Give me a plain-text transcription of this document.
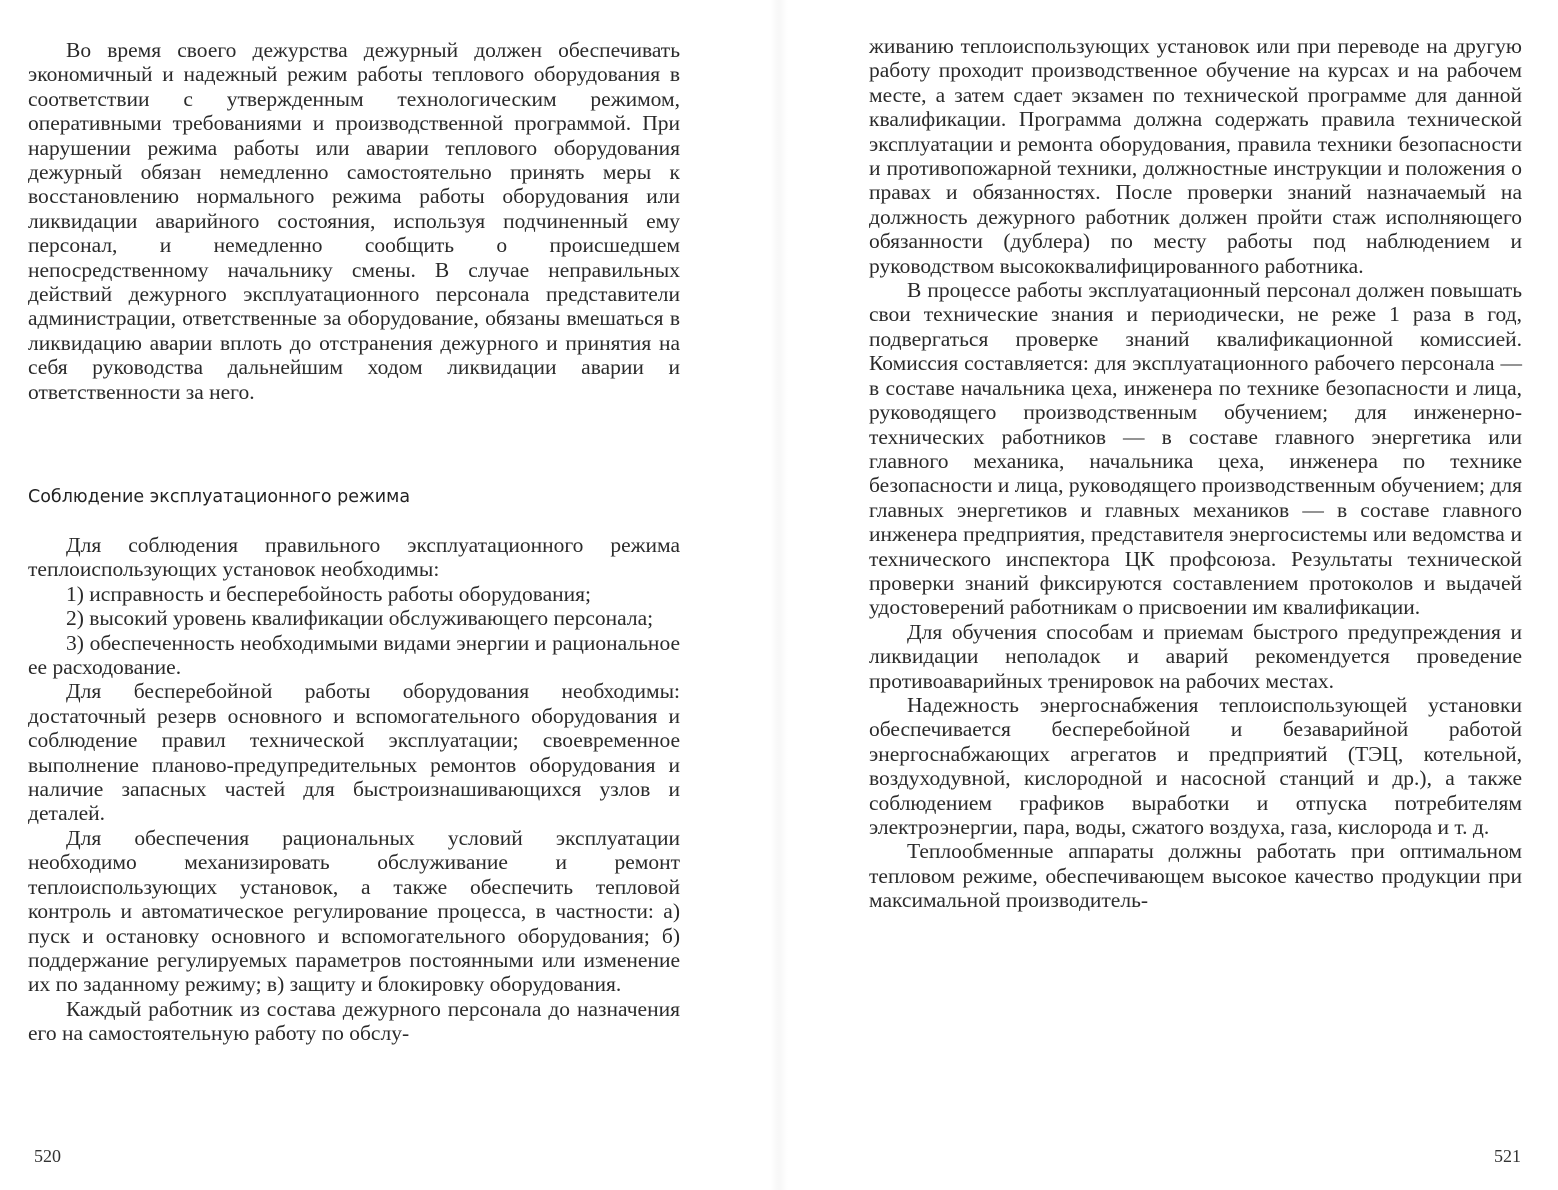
Во время своего дежурства дежурный должен обеспечивать экономичный и надежный режим работы теплового оборудования в соответствии с утвержденным технологическим режимом, оперативными требованиями и производственной программой. При нарушении режима работы или аварии теплового оборудования дежурный обязан немедленно самостоятельно принять меры к восстановлению нормального режима работы оборудования или ликвидации аварийного состояния, используя подчиненный ему персонал, и немедленно сообщить о происшедшем непосредственному начальнику смены. В случае неправильных действий дежурного эксплуатационного персонала представители администрации, ответственные за оборудование, обязаны вмешаться в ликвидацию аварии вплоть до отстранения дежурного и принятия на себя руководства дальнейшим ходом ликвидации аварии и ответственности за него.

Соблюдение эксплуатационного режима

Для соблюдения правильного эксплуатационного режима теплоиспользующих установок необходимы:

1) исправность и бесперебойность работы оборудования;

2) высокий уровень квалификации обслуживающего персонала;

3) обеспеченность необходимыми видами энергии и рациональное ее расходование.

Для бесперебойной работы оборудования необходимы: достаточный резерв основного и вспомогательного оборудования и соблюдение правил технической эксплуатации; своевременное выполнение планово-предупредительных ремонтов оборудования и наличие запасных частей для быстроизнашивающихся узлов и деталей.

Для обеспечения рациональных условий эксплуатации необходимо механизировать обслуживание и ремонт теплоиспользующих установок, а также обеспечить тепловой контроль и автоматическое регулирование процесса, в частности: а) пуск и остановку основного и вспомогательного оборудования; б) поддержание регулируемых параметров постоянными или изменение их по заданному режиму; в) защиту и блокировку оборудования.

Каждый работник из состава дежурного персонала до назначения его на самостоятельную работу по обслу-

520

живанию теплоиспользующих установок или при переводе на другую работу проходит производственное обучение на курсах и на рабочем месте, а затем сдает экзамен по технической программе для данной квалификации. Программа должна содержать правила технической эксплуатации и ремонта оборудования, правила техники безопасности и противопожарной техники, должностные инструкции и положения о правах и обязанностях. После проверки знаний назначаемый на должность дежурного работник должен пройти стаж исполняющего обязанности (дублера) по месту работы под наблюдением и руководством высококвалифицированного работника.

В процессе работы эксплуатационный персонал должен повышать свои технические знания и периодически, не реже 1 раза в год, подвергаться проверке знаний квалификационной комиссией. Комиссия составляется: для эксплуатационного рабочего персонала — в составе начальника цеха, инженера по технике безопасности и лица, руководящего производственным обучением; для инженерно-технических работников — в составе главного энергетика или главного механика, начальника цеха, инженера по технике безопасности и лица, руководящего производственным обучением; для главных энергетиков и главных механиков — в составе главного инженера предприятия, представителя энергосистемы или ведомства и технического инспектора ЦК профсоюза. Результаты технической проверки знаний фиксируются составлением протоколов и выдачей удостоверений работникам о присвоении им квалификации.

Для обучения способам и приемам быстрого предупреждения и ликвидации неполадок и аварий рекомендуется проведение противоаварийных тренировок на рабочих местах.

Надежность энергоснабжения теплоиспользующей установки обеспечивается бесперебойной и безаварийной работой энергоснабжающих агрегатов и предприятий (ТЭЦ, котельной, воздуходувной, кислородной и насосной станций и др.), а также соблюдением графиков выработки и отпуска потребителям электроэнергии, пара, воды, сжатого воздуха, газа, кислорода и т. д.

Теплообменные аппараты должны работать при оптимальном тепловом режиме, обеспечивающем высокое качество продукции при максимальной производитель-

521
